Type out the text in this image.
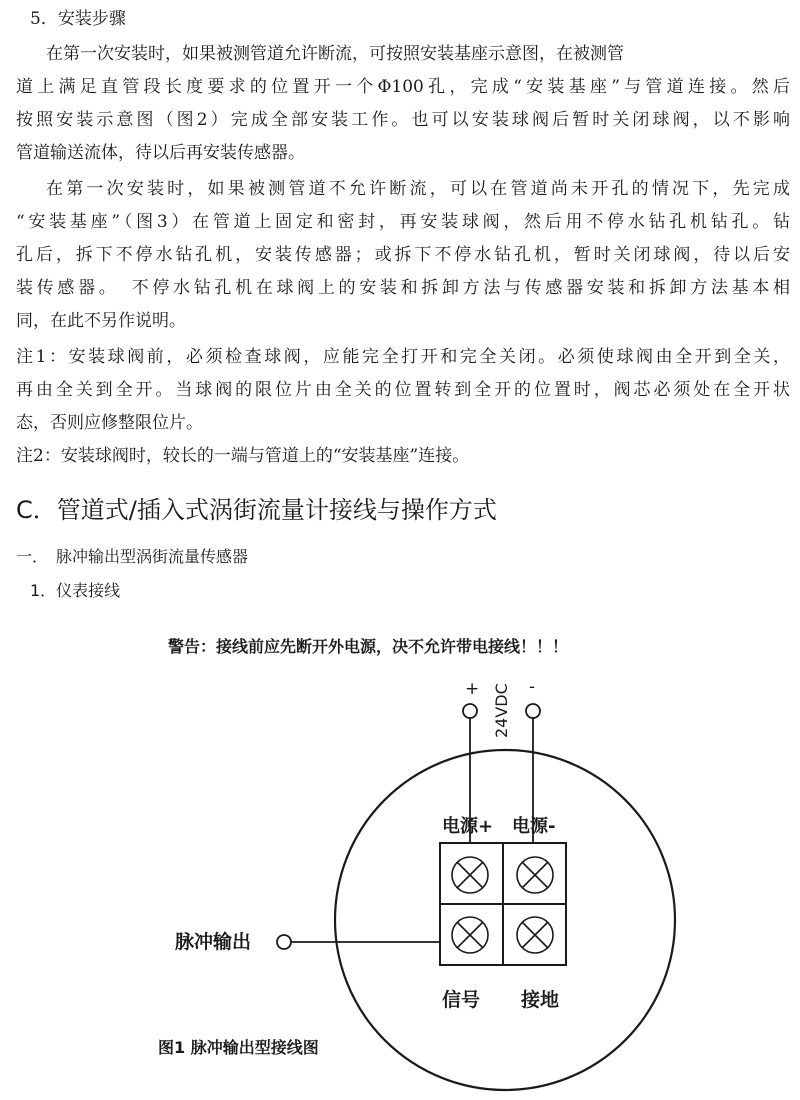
5．安装步骤
在第一次安装时，如果被测管道允许断流，可按照安装基座示意图，在被测管
道上满足直管段长度要求的位置开一个Φ100孔，完成“安装基座”与管道连接。然后
按照安装示意图（图2）完成全部安装工作。也可以安装球阀后暂时关闭球阀，以不影响
管道输送流体，待以后再安装传感器。
在第一次安装时，如果被测管道不允许断流，可以在管道尚未开孔的情况下，先完成
“安装基座”（图3）在管道上固定和密封，再安装球阀，然后用不停水钻孔机钻孔。钻
孔后，拆下不停水钻孔机，安装传感器；或拆下不停水钻孔机，暂时关闭球阀，待以后安
装传感器。　不停水钻孔机在球阀上的安装和拆卸方法与传感器安装和拆卸方法基本相
同，在此不另作说明。
注1：安装球阀前，必须检查球阀，应能完全打开和完全关闭。必须使球阀由全开到全关，
再由全关到全开。当球阀的限位片由全关的位置转到全开的位置时，阀芯必须处在全开状
态，否则应修整限位片。
注2：安装球阀时，较长的一端与管道上的“安装基座”连接。
C．管道式/插入式涡街流量计接线与操作方式
一．　脉冲输出型涡街流量传感器
1．仪表接线
警告：接线前应先断开外电源，决不允许带电接线！！！
+	-
24VDC
电源+ 电源-
脉冲输出
信号 接地
图1 脉冲输出型接线图
